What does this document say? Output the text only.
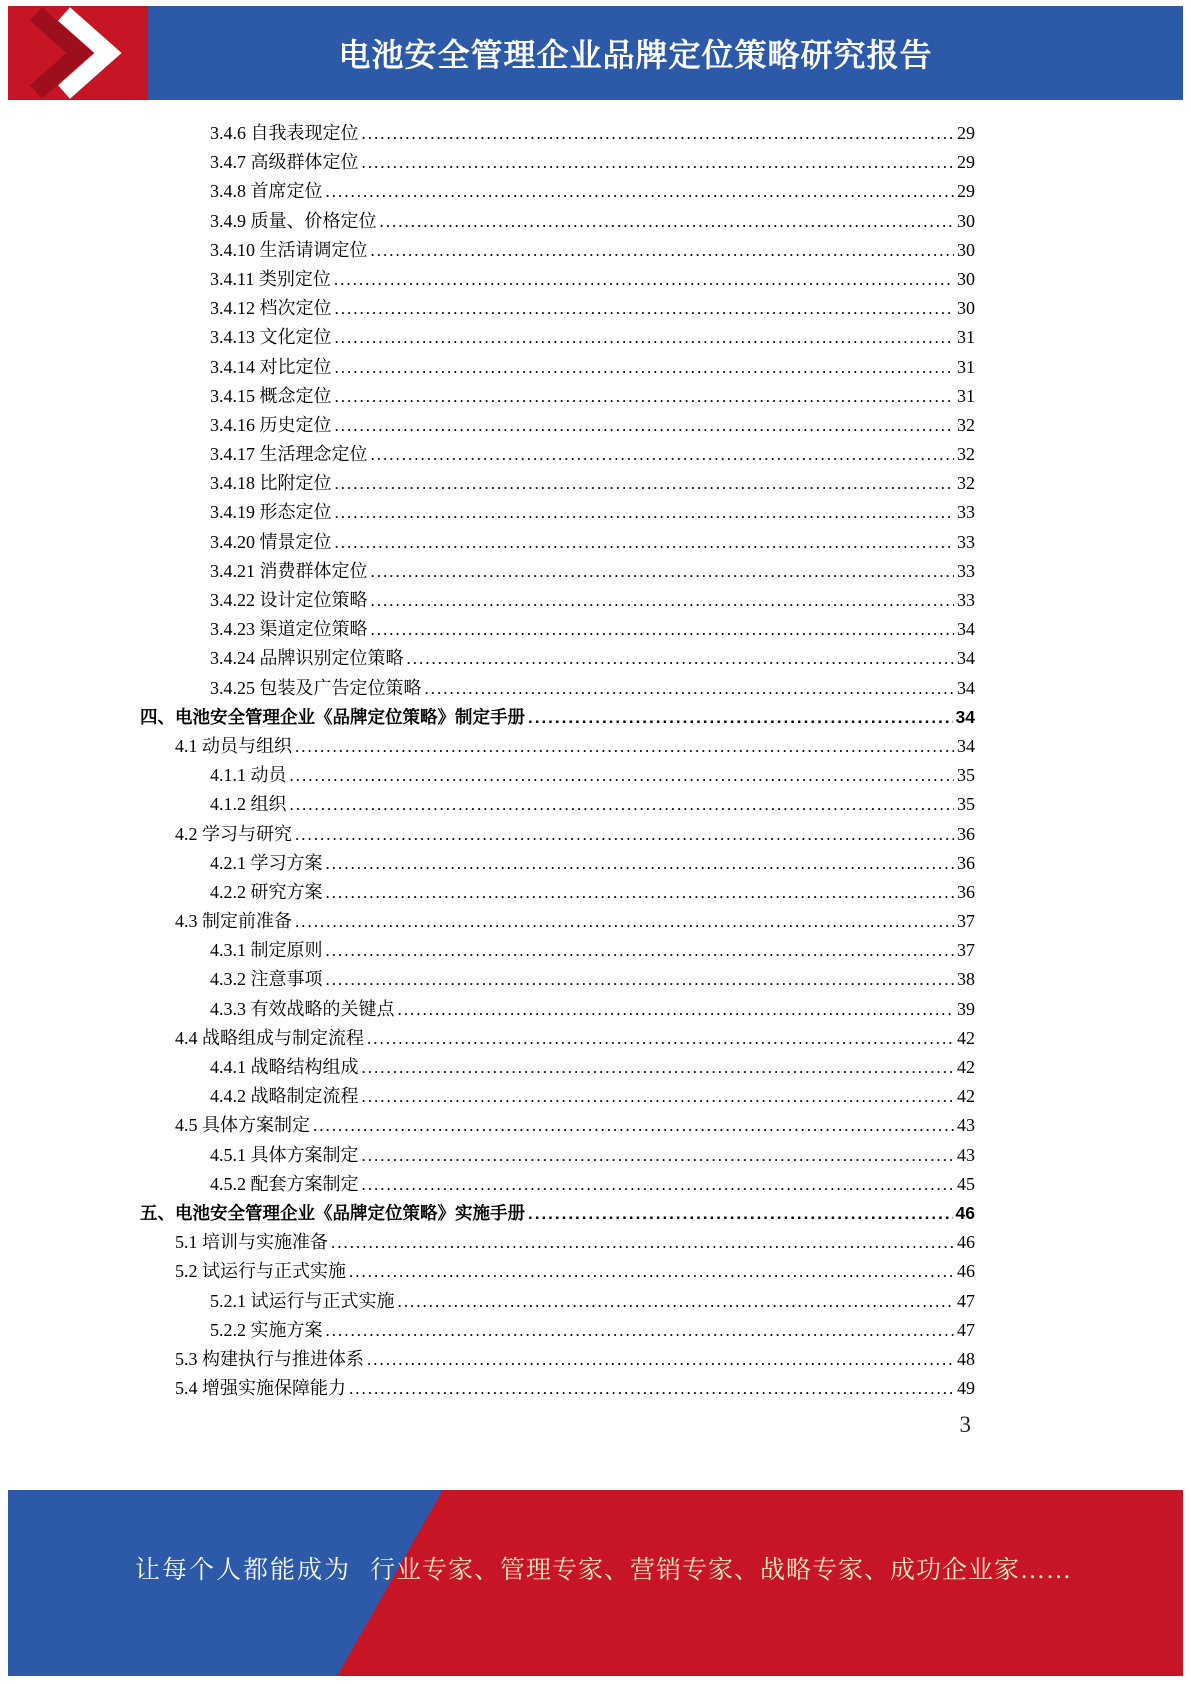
电池安全管理企业品牌定位策略研究报告
3.4.6 自我表现定位 .....	29
3.4.7 高级群体定位 .....	29
3.4.8 首席定位 .....	29
3.4.9 质量、价格定位 .....	30
3.4.10 生活请调定位 .....	30
3.4.11 类别定位 .....	30
3.4.12 档次定位 .....	30
3.4.13 文化定位 .....	31
3.4.14 对比定位 .....	31
3.4.15 概念定位 .....	31
3.4.16 历史定位 .....	32
3.4.17 生活理念定位 .....	32
3.4.18 比附定位 .....	32
3.4.19 形态定位 .....	33
3.4.20 情景定位 .....	33
3.4.21 消费群体定位 .....	33
3.4.22 设计定位策略 .....	33
3.4.23 渠道定位策略 .....	34
3.4.24 品牌识别定位策略 .....	34
3.4.25 包装及广告定位策略 .....	34
四、电池安全管理企业《品牌定位策略》制定手册 .....	34
4.1 动员与组织 .....	34
4.1.1 动员 .....	35
4.1.2 组织 .....	35
4.2 学习与研究 .....	36
4.2.1 学习方案 .....	36
4.2.2 研究方案 .....	36
4.3 制定前准备 .....	37
4.3.1 制定原则 .....	37
4.3.2 注意事项 .....	38
4.3.3 有效战略的关键点 .....	39
4.4 战略组成与制定流程 .....	42
4.4.1 战略结构组成 .....	42
4.4.2 战略制定流程 .....	42
4.5 具体方案制定 .....	43
4.5.1 具体方案制定 .....	43
4.5.2 配套方案制定 .....	45
五、电池安全管理企业《品牌定位策略》实施手册 .....	46
5.1 培训与实施准备 .....	46
5.2 试运行与正式实施 .....	46
5.2.1 试运行与正式实施 .....	47
5.2.2 实施方案 .....	47
5.3 构建执行与推进体系 .....	48
5.4 增强实施保障能力 .....	49
3
让每个人都能成为 行业专家、管理专家、营销专家、战略专家、成功企业家……
